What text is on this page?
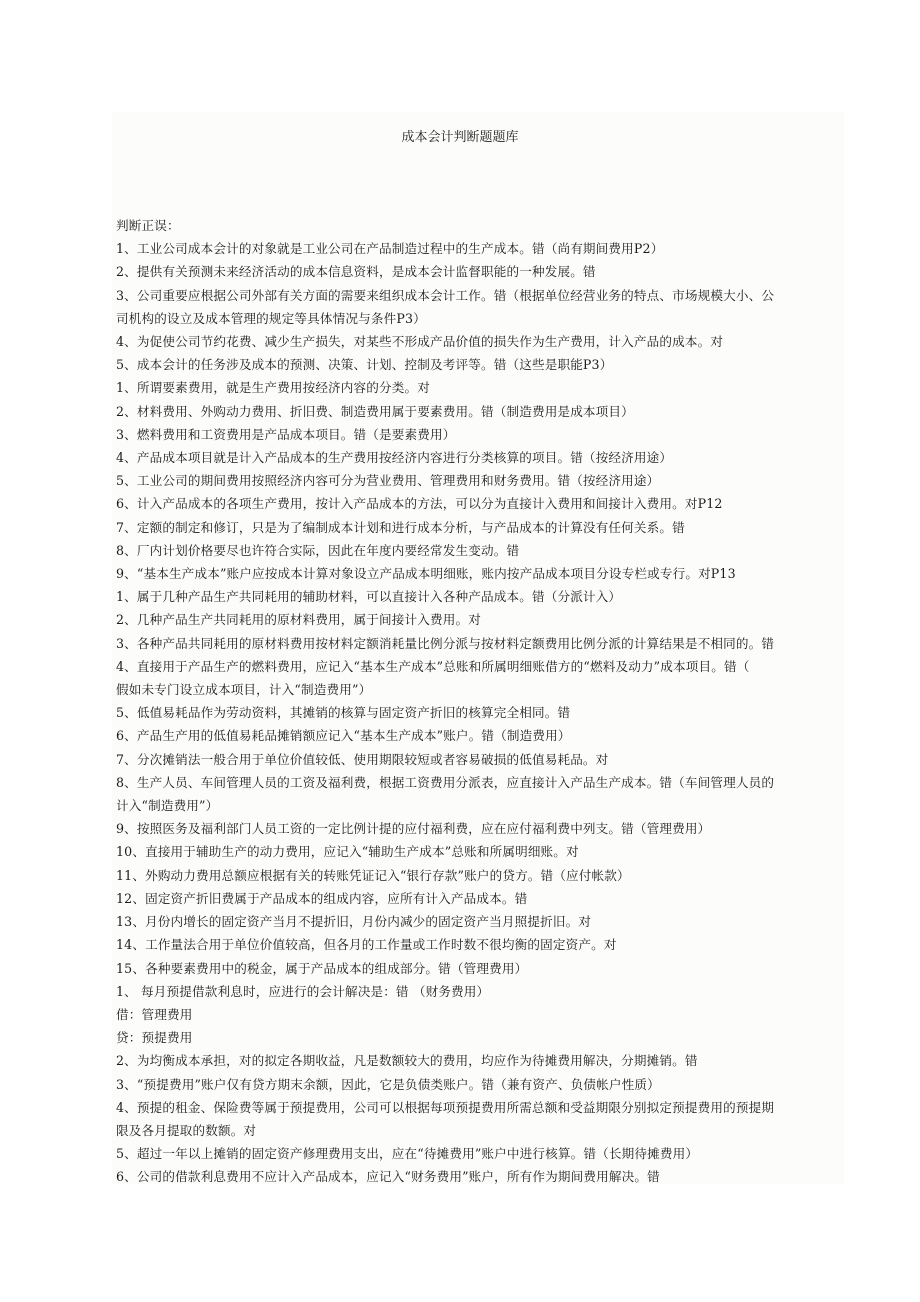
成本会计判断题题库
判断正误：
1、工业公司成本会计的对象就是工业公司在产品制造过程中的生产成本。错（尚有期间费用P2）
2、提供有关预测未来经济活动的成本信息资料，是成本会计监督职能的一种发展。错
3、公司重要应根据公司外部有关方面的需要来组织成本会计工作。错（根据单位经营业务的特点、市场规模大小、公
司机构的设立及成本管理的规定等具体情况与条件P3）
4、为促使公司节约花费、减少生产损失，对某些不形成产品价值的损失作为生产费用，计入产品的成本。对
5、成本会计的任务涉及成本的预测、决策、计划、控制及考评等。错（这些是职能P3）
1、所谓要素费用，就是生产费用按经济内容的分类。对
2、材料费用、外购动力费用、折旧费、制造费用属于要素费用。错（制造费用是成本项目）
3、燃料费用和工资费用是产品成本项目。错（是要素费用）
4、产品成本项目就是计入产品成本的生产费用按经济内容进行分类核算的项目。错（按经济用途）
5、工业公司的期间费用按照经济内容可分为营业费用、管理费用和财务费用。错（按经济用途）
6、计入产品成本的各项生产费用，按计入产品成本的方法，可以分为直接计入费用和间接计入费用。对P12
7、定额的制定和修订，只是为了编制成本计划和进行成本分析，与产品成本的计算没有任何关系。错
8、厂内计划价格要尽也许符合实际，因此在年度内要经常发生变动。错
9、“基本生产成本”账户应按成本计算对象设立产品成本明细账，账内按产品成本项目分设专栏或专行。对P13
1、属于几种产品生产共同耗用的辅助材料，可以直接计入各种产品成本。错（分派计入）
2、几种产品生产共同耗用的原材料费用，属于间接计入费用。对
3、各种产品共同耗用的原材料费用按材料定额消耗量比例分派与按材料定额费用比例分派的计算结果是不相同的。错
4、直接用于产品生产的燃料费用，应记入“基本生产成本”总账和所属明细账借方的“燃料及动力”成本项目。错（
假如未专门设立成本项目，计入“制造费用”）
5、低值易耗品作为劳动资料，其摊销的核算与固定资产折旧的核算完全相同。错
6、产品生产用的低值易耗品摊销额应记入“基本生产成本”账户。错（制造费用）
7、分次摊销法一般合用于单位价值较低、使用期限较短或者容易破损的低值易耗品。对
8、生产人员、车间管理人员的工资及福利费，根据工资费用分派表，应直接计入产品生产成本。错（车间管理人员的
计入“制造费用”）
9、按照医务及福利部门人员工资的一定比例计提的应付福利费，应在应付福利费中列支。错（管理费用）
10、直接用于辅助生产的动力费用，应记入“辅助生产成本”总账和所属明细账。对
11、外购动力费用总额应根据有关的转账凭证记入“银行存款”账户的贷方。错（应付帐款）
12、固定资产折旧费属于产品成本的组成内容，应所有计入产品成本。错
13、月份内增长的固定资产当月不提折旧，月份内减少的固定资产当月照提折旧。对
14、工作量法合用于单位价值较高，但各月的工作量或工作时数不很均衡的固定资产。对
15、各种要素费用中的税金，属于产品成本的组成部分。错（管理费用）
1、 每月预提借款利息时，应进行的会计解决是：错 （财务费用）
借：管理费用
贷：预提费用
2、为均衡成本承担，对的拟定各期收益，凡是数额较大的费用，均应作为待摊费用解决，分期摊销。错
3、“预提费用”账户仅有贷方期末余额，因此，它是负债类账户。错（兼有资产、负债帐户性质）
4、预提的租金、保险费等属于预提费用，公司可以根据每项预提费用所需总额和受益期限分别拟定预提费用的预提期
限及各月提取的数额。对
5、超过一年以上摊销的固定资产修理费用支出，应在“待摊费用”账户中进行核算。错（长期待摊费用）
6、公司的借款利息费用不应计入产品成本，应记入“财务费用”账户，所有作为期间费用解决。错
